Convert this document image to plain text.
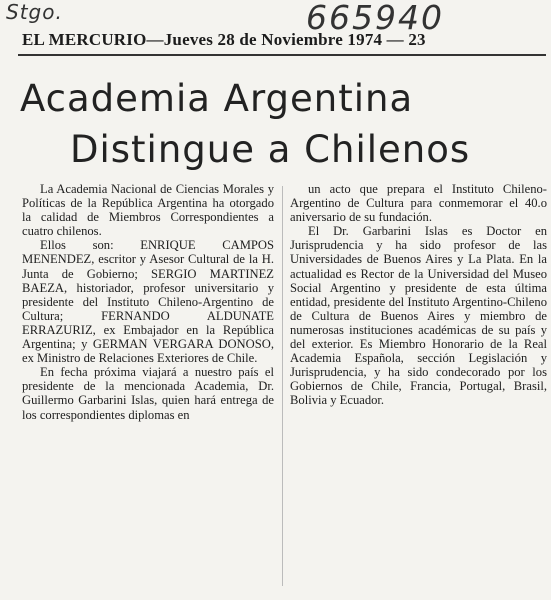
Stgo.	665940
EL MERCURIO—Jueves 28 de Noviembre 1974 — 23
Academia Argentina
Distingue a Chilenos

La Academia Nacional de Ciencias Morales y Políticas de la República Argentina ha otorgado la calidad de Miembros Correspondientes a cuatro chilenos.

Ellos son: ENRIQUE CAMPOS MENENDEZ, escritor y Asesor Cultural de la H. Junta de Gobierno; SERGIO MARTINEZ BAEZA, historiador, profesor universitario y presidente del Instituto Chileno-Argentino de Cultura; FERNANDO ALDUNATE ERRAZURIZ, ex Embajador en la República Argentina; y GERMAN VERGARA DONOSO, ex Ministro de Relaciones Exteriores de Chile.

En fecha próxima viajará a nuestro país el presidente de la mencionada Academia, Dr. Guillermo Garbarini Islas, quien hará entrega de los correspondientes diplomas en

un acto que prepara el Instituto Chileno-Argentino de Cultura para conmemorar el 40.o aniversario de su fundación.

El Dr. Garbarini Islas es Doctor en Jurisprudencia y ha sido profesor de las Universidades de Buenos Aires y La Plata. En la actualidad es Rector de la Universidad del Museo Social Argentino y presidente de esta última entidad, presidente del Instituto Argentino-Chileno de Cultura de Buenos Aires y miembro de numerosas instituciones académicas de su país y del exterior. Es Miembro Honorario de la Real Academia Española, sección Legislación y Jurisprudencia, y ha sido condecorado por los Gobiernos de Chile, Francia, Portugal, Brasil, Bolivia y Ecuador.
